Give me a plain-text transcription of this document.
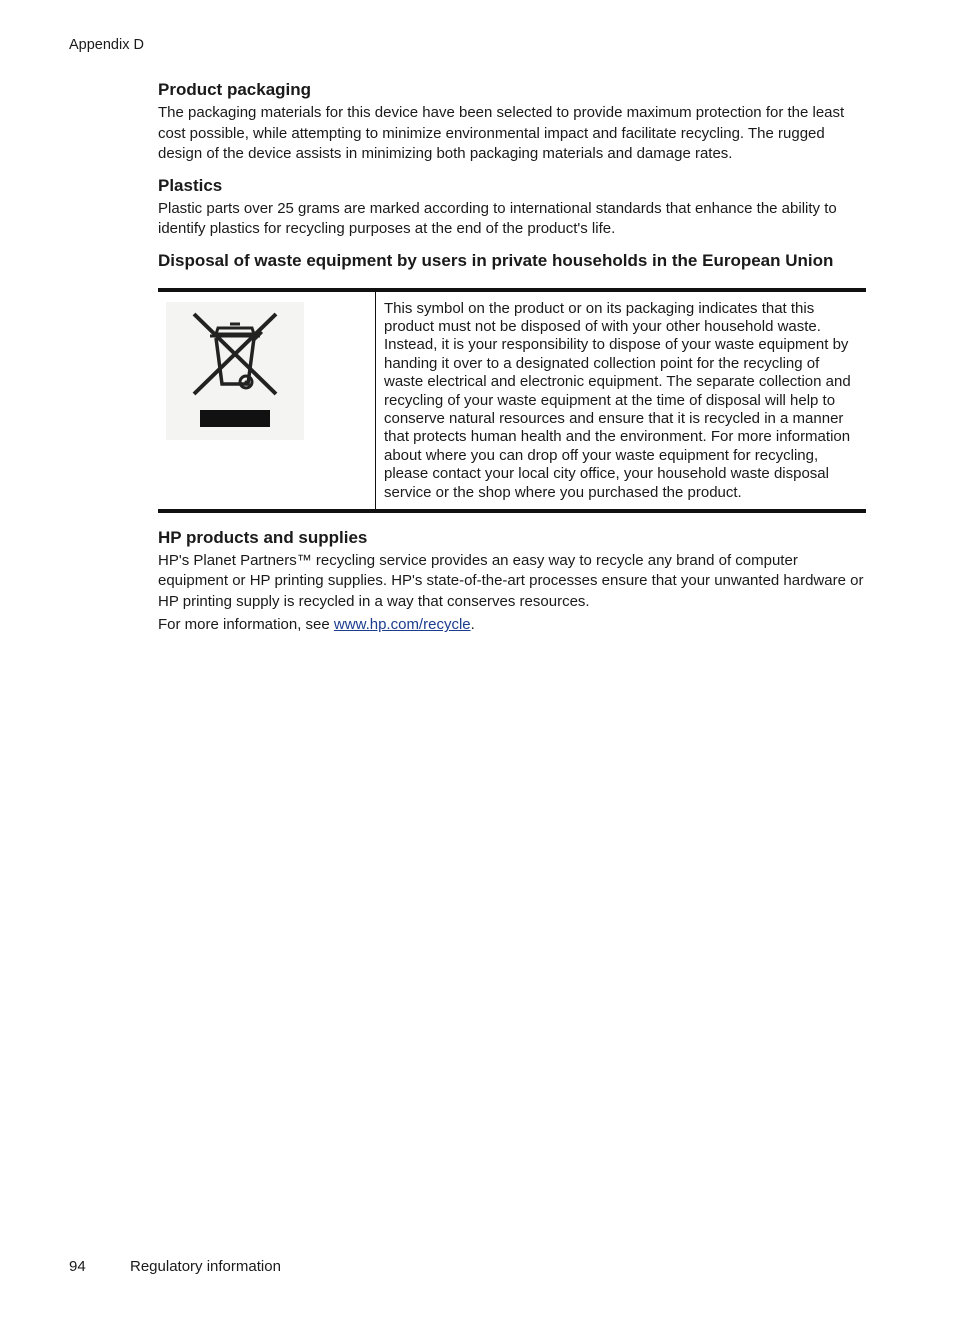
Appendix D
Product packaging

The packaging materials for this device have been selected to provide maximum protection for the least cost possible, while attempting to minimize environmental impact and facilitate recycling. The rugged design of the device assists in minimizing both packaging materials and damage rates.

Plastics

Plastic parts over 25 grams are marked according to international standards that enhance the ability to identify plastics for recycling purposes at the end of the product's life.

Disposal of waste equipment by users in private households in the European Union
This symbol on the product or on its packaging indicates that this product must not be disposed of with your other household waste. Instead, it is your responsibility to dispose of your waste equipment by handing it over to a designated collection point for the recycling of waste electrical and electronic equipment. The separate collection and recycling of your waste equipment at the time of disposal will help to conserve natural resources and ensure that it is recycled in a manner that protects human health and the environment. For more information about where you can drop off your waste equipment for recycling, please contact your local city office, your household waste disposal service or the shop where you purchased the product.
HP products and supplies

HP's Planet Partners™ recycling service provides an easy way to recycle any brand of computer equipment or HP printing supplies. HP's state-of-the-art processes ensure that your unwanted hardware or HP printing supply is recycled in a way that conserves resources.

For more information, see www.hp.com/recycle.

94	Regulatory information
